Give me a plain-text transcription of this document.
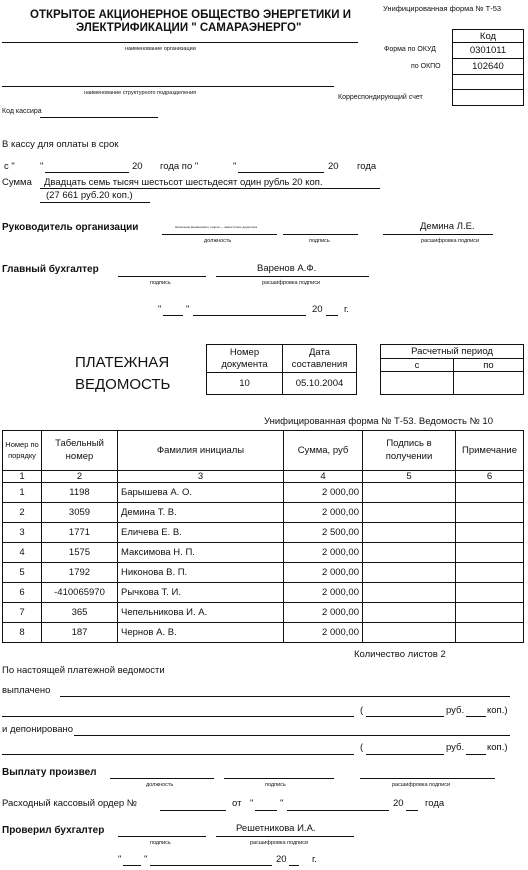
ОТКРЫТОЕ АКЦИОНЕРНОЕ ОБЩЕСТВО ЭНЕРГЕТИКИ И
ЭЛЕКТРИФИКАЦИИ " САМАРАЭНЕРГО"
Унифицированная форма № Т-53
наименование организации
наименование структурного подразделения
Форма по ОКУД
по ОКПО
Корреспондирующий счет
Код
0301011
102640

Код кассира
В кассу для оплаты в срок
с "	"	20 года по "	"	20 года
Сумма Двадцать семь тысяч шестьсот шестьдесят один рубль 20 коп.
(27 661 руб.20 коп.)
Руководитель организации	Начальник финансового отдела — заместитель директора	Демина Л.Е.
должность	подпись	расшифровка подписи
Главный бухгалтер	Варенов А.Ф.
подпись	расшифровка подписи
"	"	20 г.
ПЛАТЕЖНАЯ
ВЕДОМОСТЬ
Номер документа	Дата составления
10	05.10.2004
Расчетный период	
с	по

Унифицированная форма № Т-53. Ведомость № 10
Номер по порядку	Табельный номер	Фамилия инициалы	Сумма, руб	Подпись в получении	Примечание
1	2	3	4	5	6
1	1198	Барышева А. О.	2 000,00		
2	3059	Демина Т. В.	2 000,00		
3	1771	Еличева Е. В.	2 500,00		
4	1575	Максимова Н. П.	2 000,00		
5	1792	Никонова В. П.	2 000,00		
6	-410065970	Рычкова Т. И.	2 000,00		
7	365	Чепельникова И. А.	2 000,00		
8	187	Чернов А. В.	2 000,00		
Количество листов 2
По настоящей платежной ведомости
выплачено
(	руб. коп.)
и депонировано
(	руб. коп.)
Выплату произвел
должность	подпись	расшифровка подписи
Расходный кассовый ордер №	от "	"	20 года
Проверил бухгалтер	Решетникова И.А.
подпись	расшифровка подписи
" "	20	г.
